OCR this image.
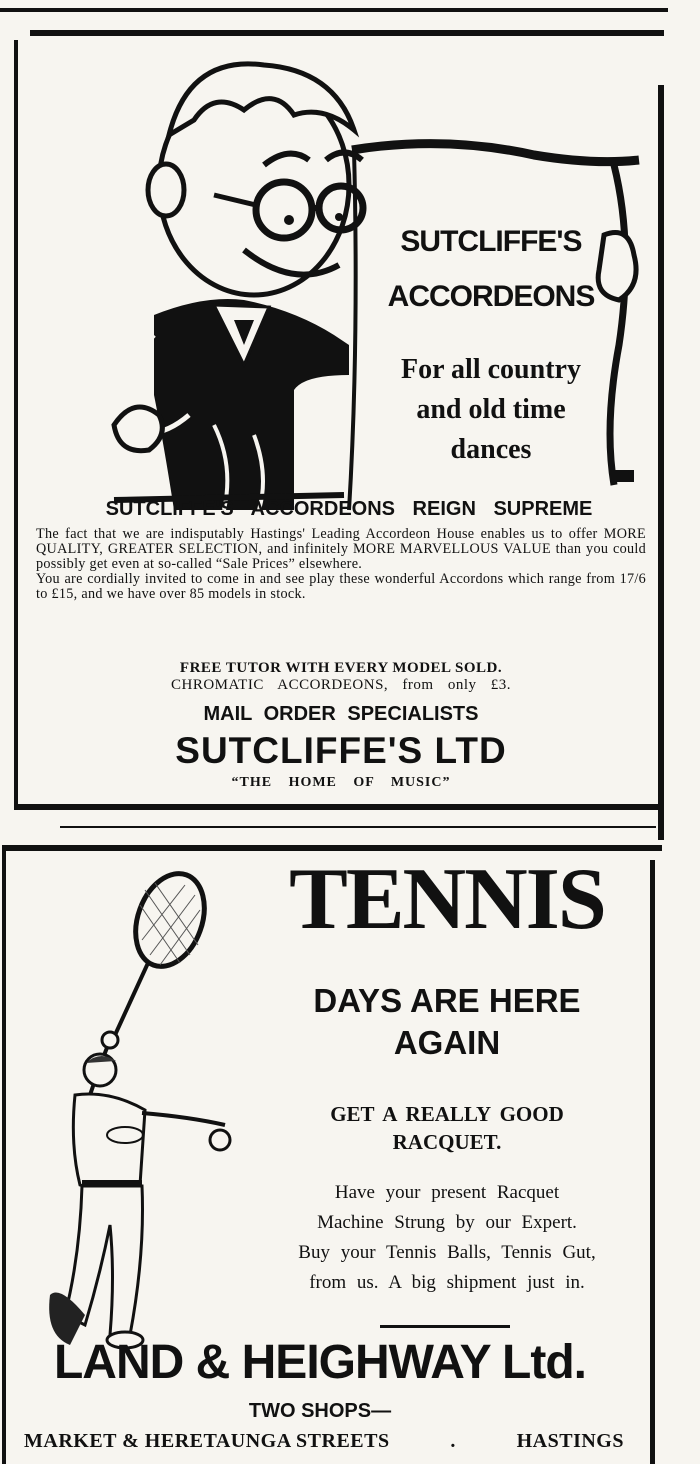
SUTCLIFFE'S
ACCORDEONS
For all country
and old time
dances
SUTCLIFFE'S ACCORDEONS REIGN SUPREME
The fact that we are indisputably Hastings' Leading Accordeon House enables us to offer MORE QUALITY, GREATER SELECTION, and infinitely MORE MARVELLOUS VALUE than you could possibly get even at so-called “Sale Prices” elsewhere.
You are cordially invited to come in and see play these wonderful Accordons which range from 17/6 to £15, and we have over 85 models in stock.
FREE TUTOR WITH EVERY MODEL SOLD.
CHROMATIC ACCORDEONS, from only £3.
MAIL ORDER SPECIALISTS
SUTCLIFFE'S LTD
“THE HOME OF MUSIC”
TENNIS
DAYS ARE HERE
AGAIN
GET A REALLY GOOD
RACQUET.
Have your present Racquet
Machine Strung by our Expert.
Buy your Tennis Balls, Tennis Gut,
from us. A big shipment just in.
LAND & HEIGHWAY Ltd.
TWO SHOPS—
MARKET & HERETAUNGA STREETS	.	HASTINGS
